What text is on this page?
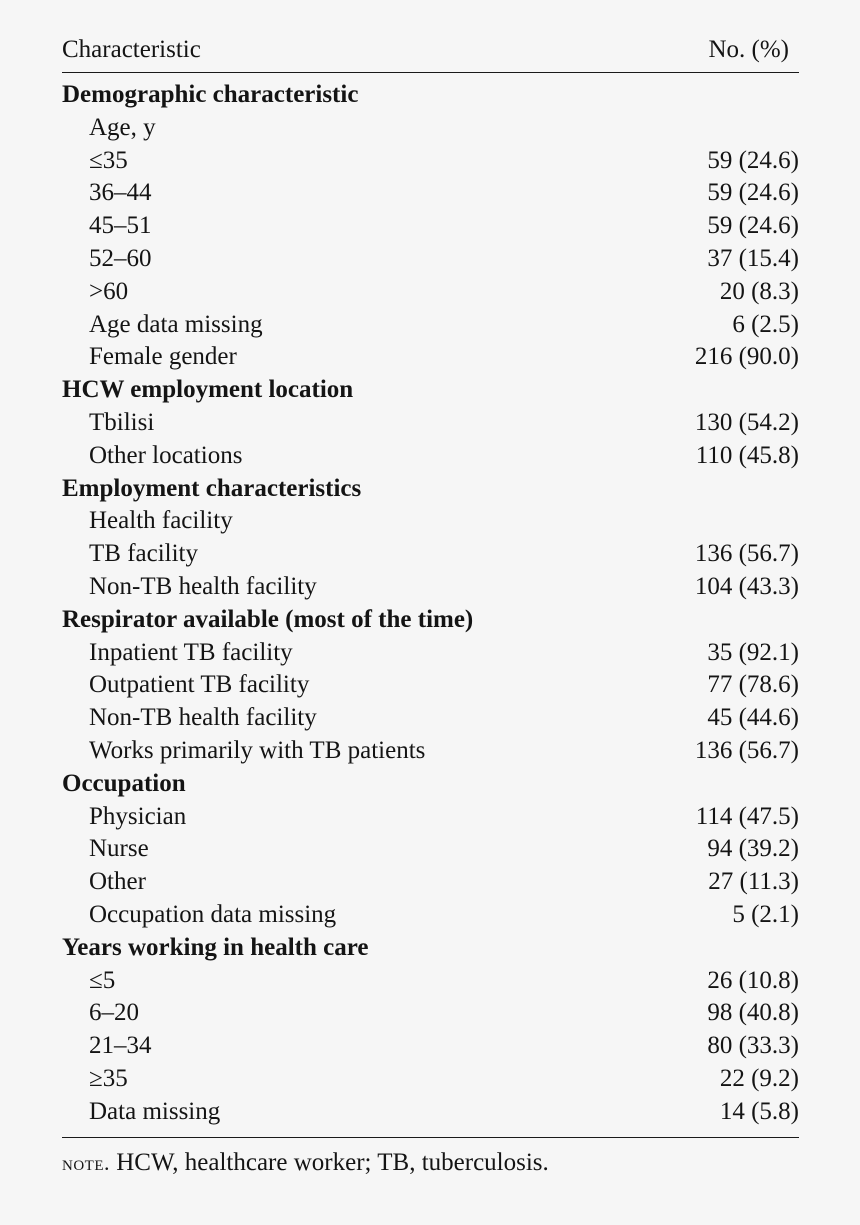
Characteristic	No. (%)
Demographic characteristic
Age, y
≤35	59 (24.6)
36–44	59 (24.6)
45–51	59 (24.6)
52–60	37 (15.4)
>60	20 (8.3)
Age data missing	6 (2.5)
Female gender	216 (90.0)
HCW employment location
Tbilisi	130 (54.2)
Other locations	110 (45.8)
Employment characteristics
Health facility
TB facility	136 (56.7)
Non-TB health facility	104 (43.3)
Respirator available (most of the time)
Inpatient TB facility	35 (92.1)
Outpatient TB facility	77 (78.6)
Non-TB health facility	45 (44.6)
Works primarily with TB patients	136 (56.7)
Occupation
Physician	114 (47.5)
Nurse	94 (39.2)
Other	27 (11.3)
Occupation data missing	5 (2.1)
Years working in health care
≤5	26 (10.8)
6–20	98 (40.8)
21–34	80 (33.3)
≥35	22 (9.2)
Data missing	14 (5.8)
note. HCW, healthcare worker; TB, tuberculosis.
